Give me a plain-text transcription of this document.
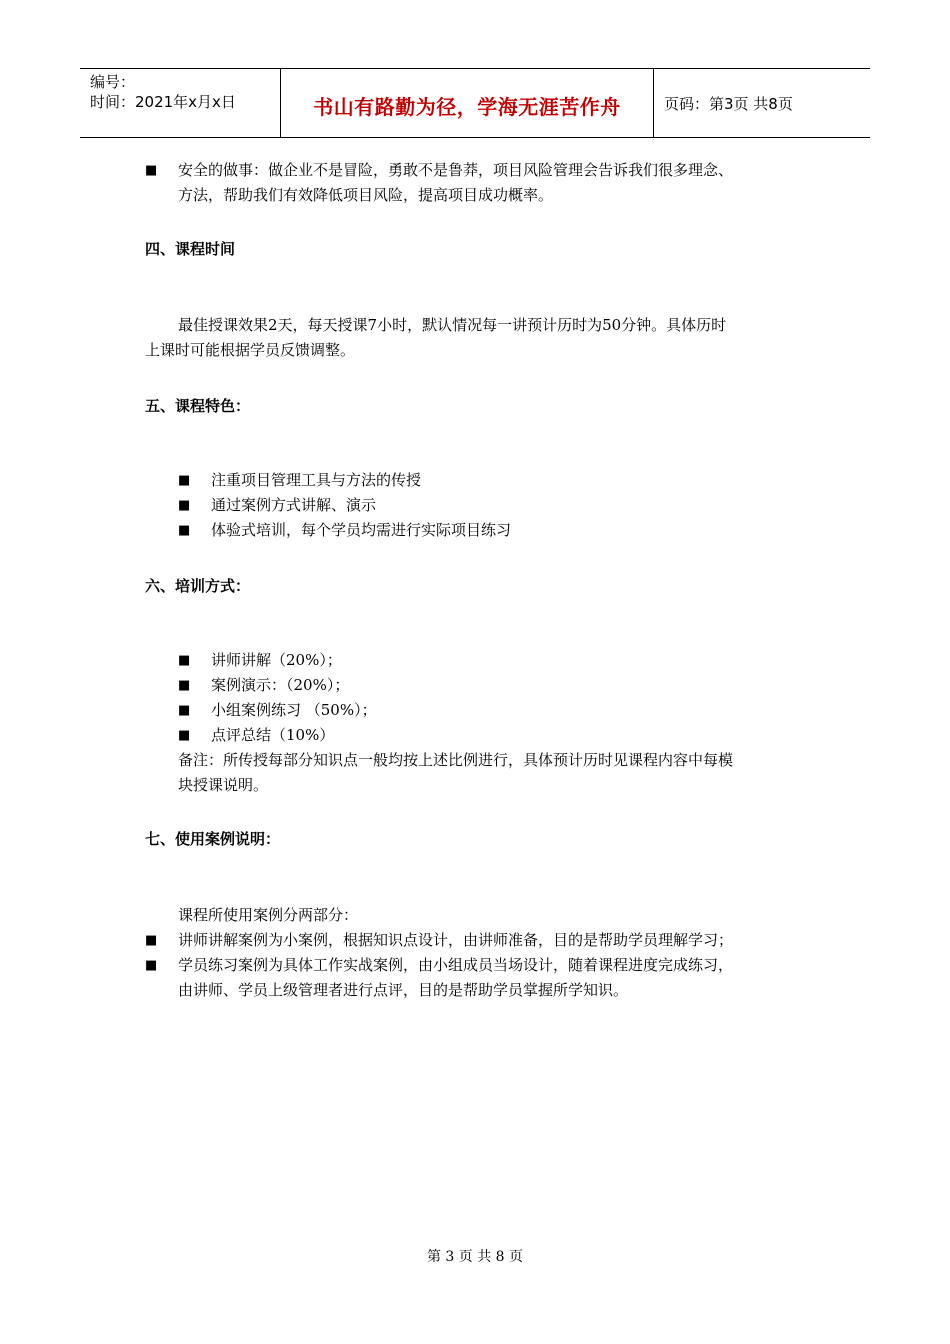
编号：
时间：2021年x月x日	书山有路勤为径，学海无涯苦作舟	页码：第3页 共8页
■ 安全的做事：做企业不是冒险，勇敢不是鲁莽，项目风险管理会告诉我们很多理念、
方法，帮助我们有效降低项目风险，提高项目成功概率。
四、课程时间
最佳授课效果2天，每天授课7小时，默认情况每一讲预计历时为50分钟。具体历时
上课时可能根据学员反馈调整。
五、课程特色：
■ 注重项目管理工具与方法的传授
■ 通过案例方式讲解、演示
■ 体验式培训，每个学员均需进行实际项目练习
六、培训方式：
■ 讲师讲解（20%）；
■ 案例演示：（20%）；
■ 小组案例练习 （50%）；
■ 点评总结（10%）
备注：所传授每部分知识点一般均按上述比例进行，具体预计历时见课程内容中每模
块授课说明。
七、使用案例说明：
课程所使用案例分两部分：
■ 讲师讲解案例为小案例，根据知识点设计，由讲师准备，目的是帮助学员理解学习；
■ 学员练习案例为具体工作实战案例，由小组成员当场设计，随着课程进度完成练习，
由讲师、学员上级管理者进行点评，目的是帮助学员掌握所学知识。
第 3 页 共 8 页
